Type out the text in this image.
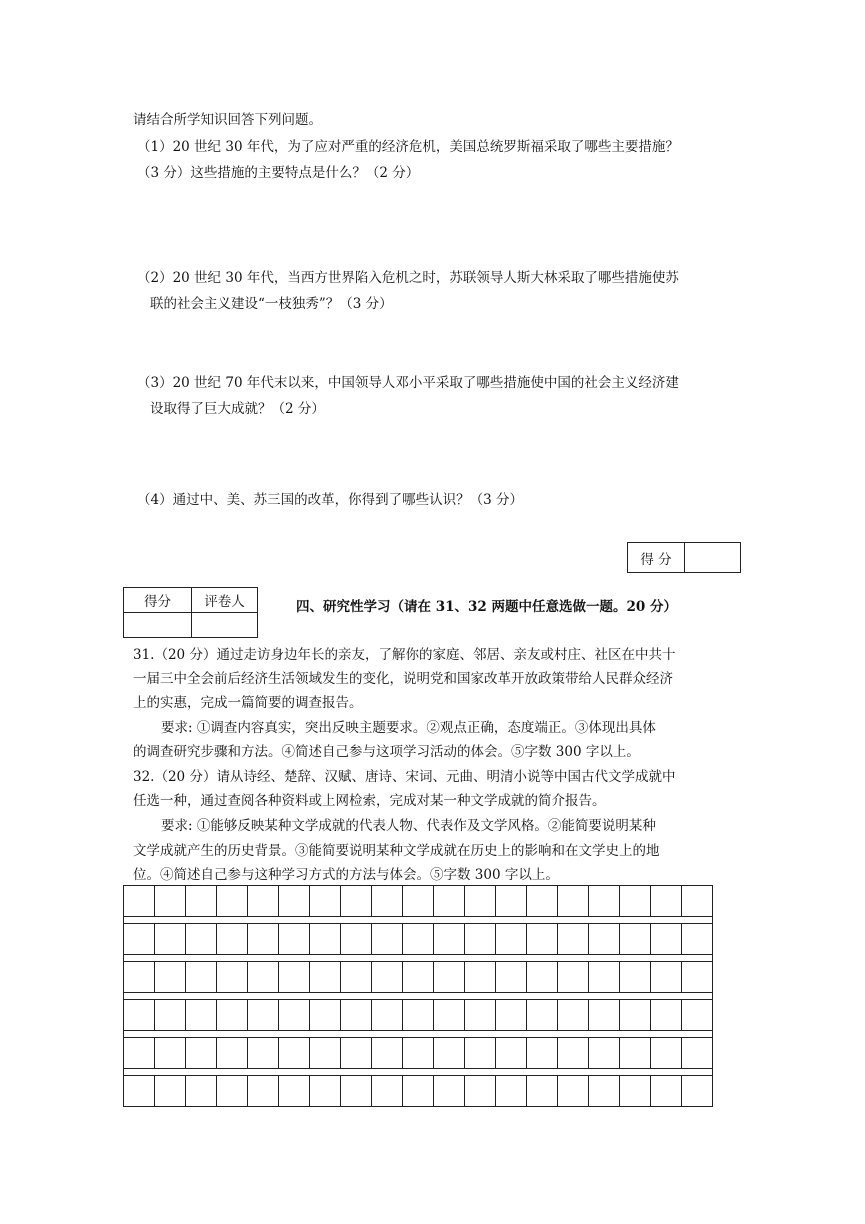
请结合所学知识回答下列问题。
（1）20 世纪 30 年代，为了应对严重的经济危机，美国总统罗斯福采取了哪些主要措施？
（3 分）这些措施的主要特点是什么？（2 分）
（2）20 世纪 30 年代，当西方世界陷入危机之时，苏联领导人斯大林采取了哪些措施使苏
联的社会主义建设“一枝独秀”？（3 分）
（3）20 世纪 70 年代末以来，中国领导人邓小平采取了哪些措施使中国的社会主义经济建
设取得了巨大成就？（2 分）
（4）通过中、美、苏三国的改革，你得到了哪些认识？（3 分）
得 分	
得分	评卷人
		四、研究性学习（请在 31、32 两题中任意选做一题。20 分）
31.（20 分）通过走访身边年长的亲友，了解你的家庭、邻居、亲友或村庄、社区在中共十
一届三中全会前后经济生活领域发生的变化，说明党和国家改革开放政策带给人民群众经济
上的实惠，完成一篇简要的调查报告。
要求: ①调查内容真实，突出反映主题要求。②观点正确，态度端正。③体现出具体
的调查研究步骤和方法。④简述自己参与这项学习活动的体会。⑤字数 300 字以上。
32.（20 分）请从诗经、楚辞、汉赋、唐诗、宋词、元曲、明清小说等中国古代文学成就中
任选一种，通过查阅各种资料或上网检索，完成对某一种文学成就的简介报告。
要求: ①能够反映某种文学成就的代表人物、代表作及文学风格。②能简要说明某种
文学成就产生的历史背景。③能简要说明某种文学成就在历史上的影响和在文学史上的地
位。④简述自己参与这种学习方式的方法与体会。⑤字数 300 字以上。
